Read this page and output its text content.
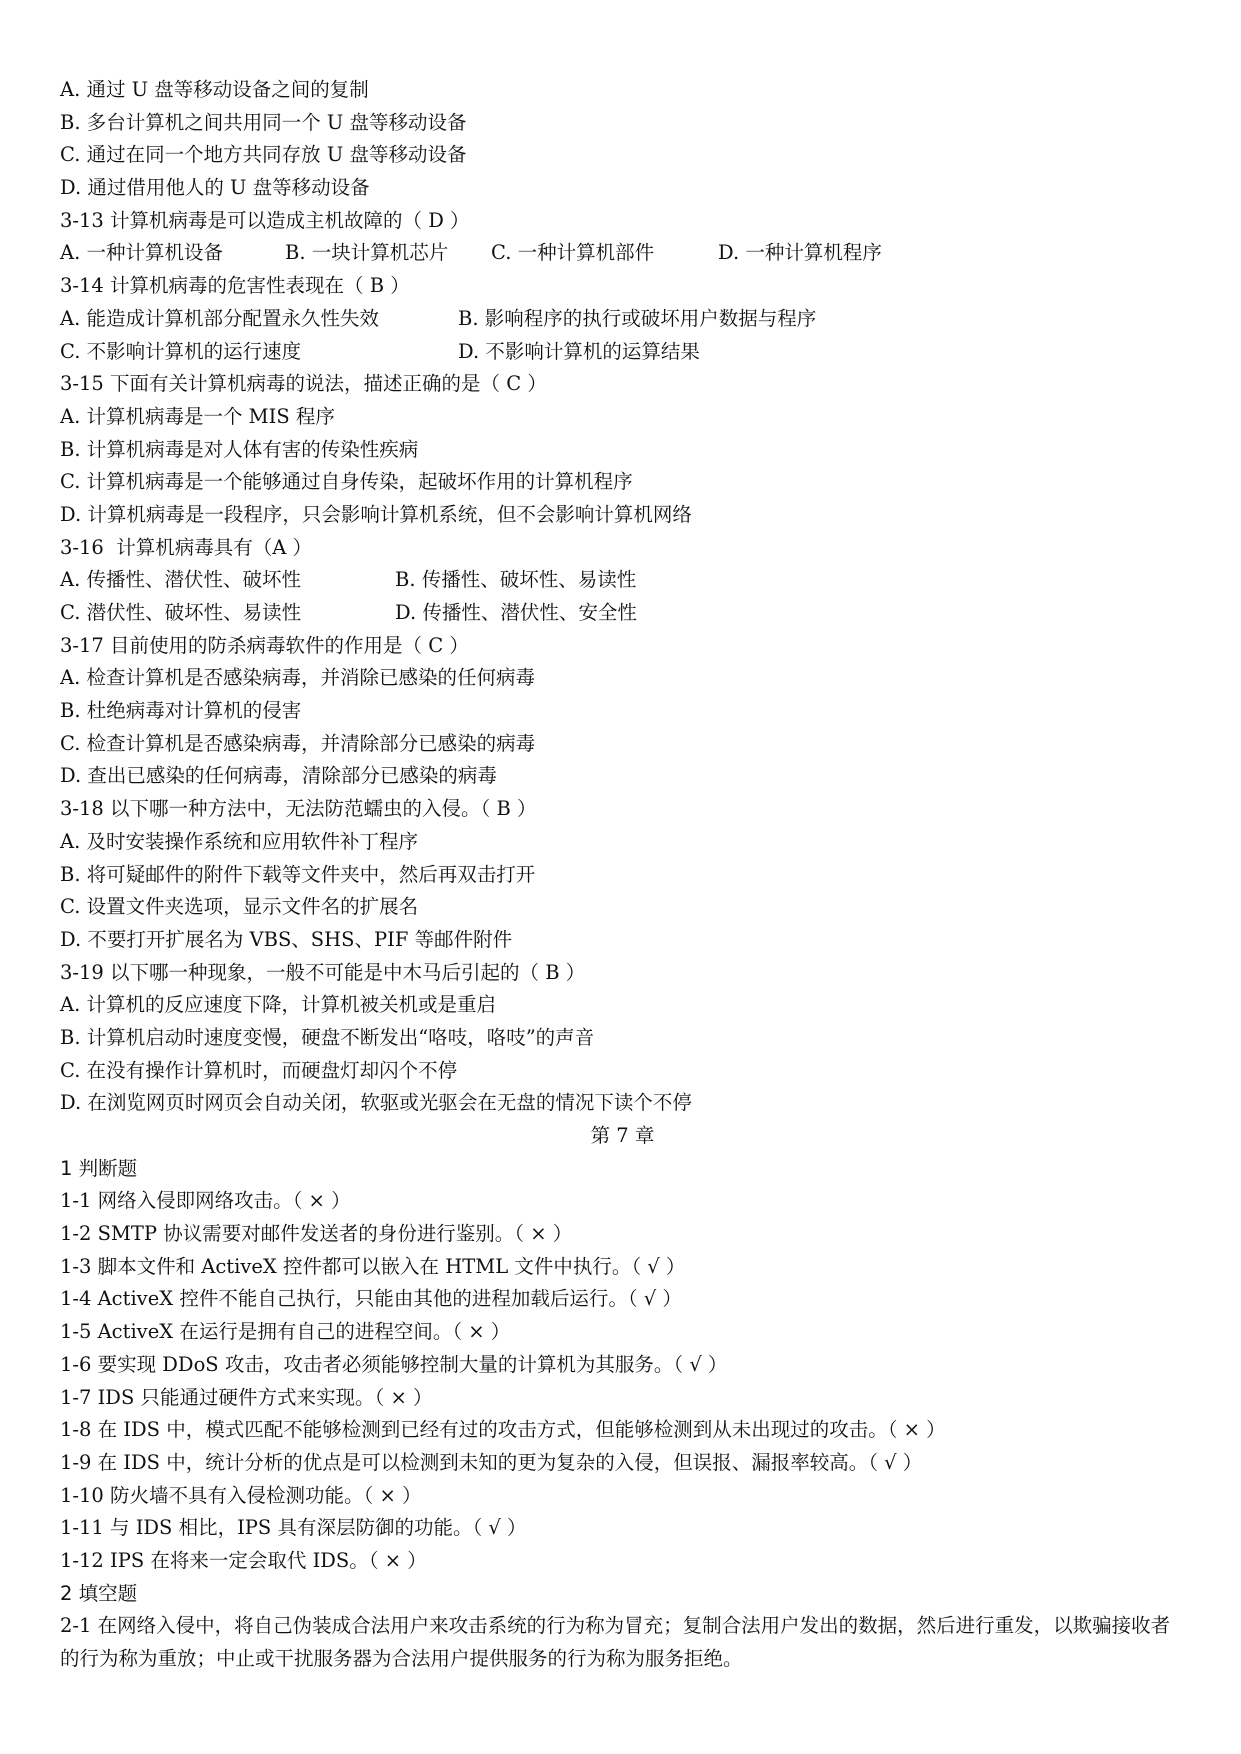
A. 通过 U 盘等移动设备之间的复制
B. 多台计算机之间共用同一个 U 盘等移动设备
C. 通过在同一个地方共同存放 U 盘等移动设备
D. 通过借用他人的 U 盘等移动设备
3-13 计算机病毒是可以造成主机故障的（ D ）
A. 一种计算机设备	B. 一块计算机芯片	C. 一种计算机部件	D. 一种计算机程序
3-14 计算机病毒的危害性表现在（ B ）
A. 能造成计算机部分配置永久性失效	B. 影响程序的执行或破坏用户数据与程序
C. 不影响计算机的运行速度	D. 不影响计算机的运算结果
3-15 下面有关计算机病毒的说法，描述正确的是（ C ）
A. 计算机病毒是一个 MIS 程序
B. 计算机病毒是对人体有害的传染性疾病
C. 计算机病毒是一个能够通过自身传染，起破坏作用的计算机程序
D. 计算机病毒是一段程序，只会影响计算机系统，但不会影响计算机网络
3-16  计算机病毒具有（A ）
A. 传播性、潜伏性、破坏性	B. 传播性、破坏性、易读性
C. 潜伏性、破坏性、易读性	D. 传播性、潜伏性、安全性
3-17 目前使用的防杀病毒软件的作用是（ C ）
A. 检查计算机是否感染病毒，并消除已感染的任何病毒
B. 杜绝病毒对计算机的侵害
C. 检查计算机是否感染病毒，并清除部分已感染的病毒
D. 查出已感染的任何病毒，清除部分已感染的病毒
3-18 以下哪一种方法中，无法防范蠕虫的入侵。（ B ）
A. 及时安装操作系统和应用软件补丁程序
B. 将可疑邮件的附件下载等文件夹中，然后再双击打开
C. 设置文件夹选项，显示文件名的扩展名
D. 不要打开扩展名为 VBS、SHS、PIF 等邮件附件
3-19 以下哪一种现象，一般不可能是中木马后引起的（ B ）
A. 计算机的反应速度下降，计算机被关机或是重启
B. 计算机启动时速度变慢，硬盘不断发出“咯吱，咯吱”的声音
C. 在没有操作计算机时，而硬盘灯却闪个不停
D. 在浏览网页时网页会自动关闭，软驱或光驱会在无盘的情况下读个不停
第 7 章
1 判断题
1-1 网络入侵即网络攻击。（ × ）
1-2 SMTP 协议需要对邮件发送者的身份进行鉴别。（ × ）
1-3 脚本文件和 ActiveX 控件都可以嵌入在 HTML 文件中执行。（ √ ）
1-4 ActiveX 控件不能自己执行，只能由其他的进程加载后运行。（ √ ）
1-5 ActiveX 在运行是拥有自己的进程空间。（ × ）
1-6 要实现 DDoS 攻击，攻击者必须能够控制大量的计算机为其服务。（ √ ）
1-7 IDS 只能通过硬件方式来实现。（ × ）
1-8 在 IDS 中，模式匹配不能够检测到已经有过的攻击方式，但能够检测到从未出现过的攻击。（ × ）
1-9 在 IDS 中，统计分析的优点是可以检测到未知的更为复杂的入侵，但误报、漏报率较高。（ √ ）
1-10 防火墙不具有入侵检测功能。（ × ）
1-11 与 IDS 相比，IPS 具有深层防御的功能。（ √ ）
1-12 IPS 在将来一定会取代 IDS。（ × ）
2 填空题
2-1 在网络入侵中，将自己伪装成合法用户来攻击系统的行为称为冒充；复制合法用户发出的数据，然后进行重发，以欺骗接收者的行为称为重放；中止或干扰服务器为合法用户提供服务的行为称为服务拒绝。
